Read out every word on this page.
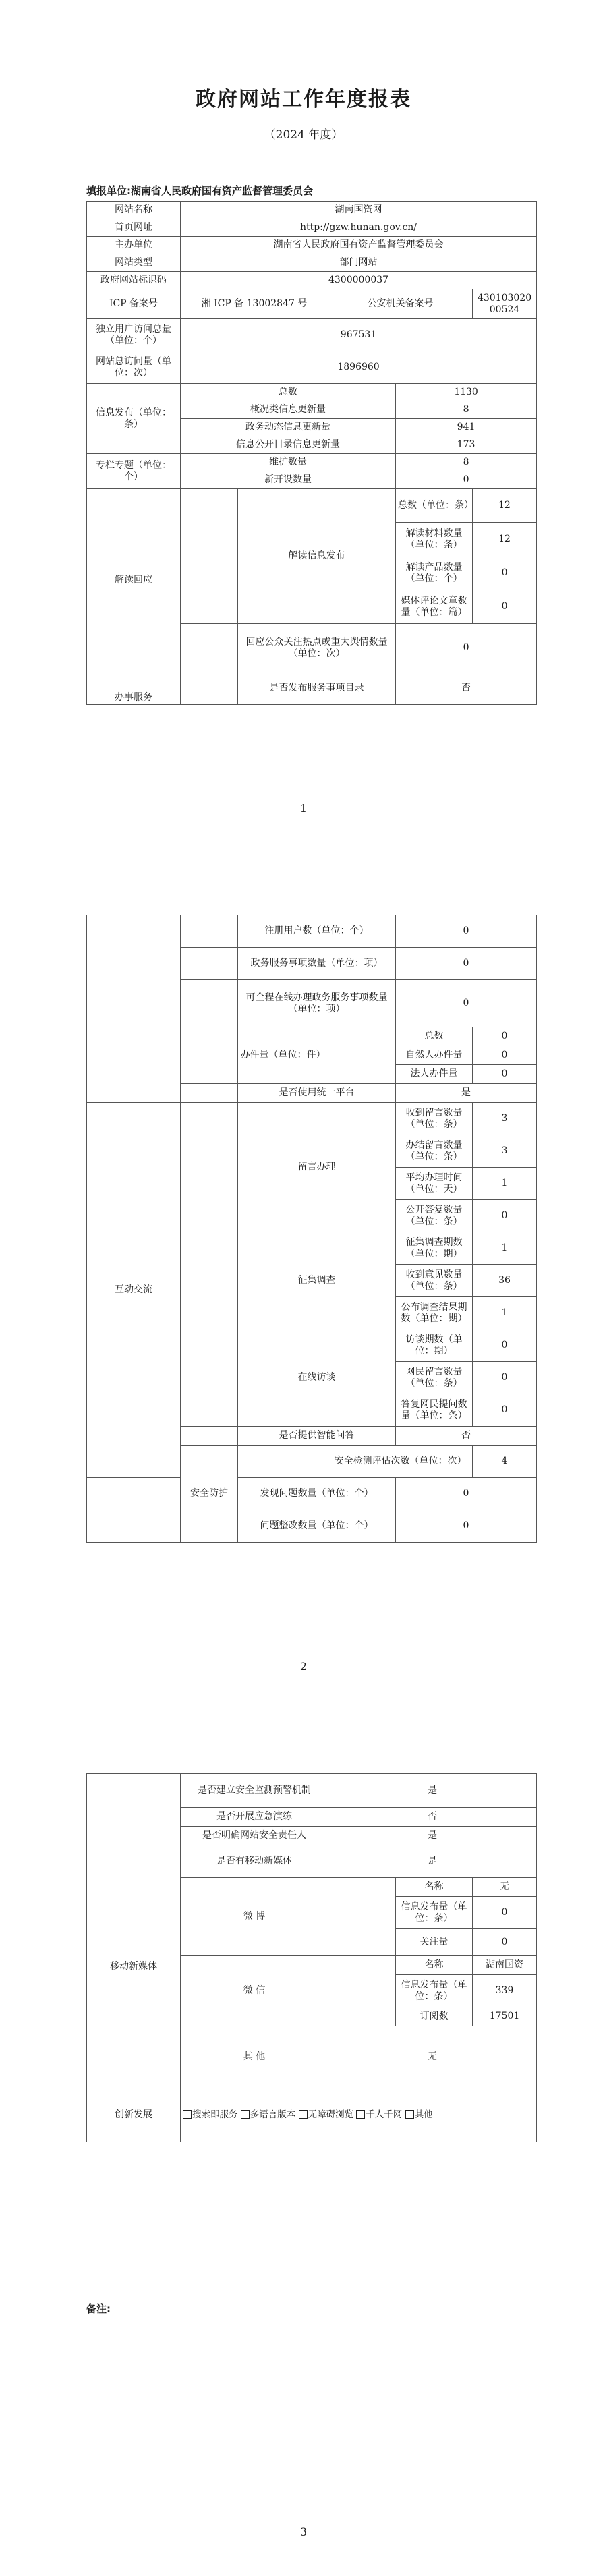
政府网站工作年度报表
（2024 年度）
填报单位:湖南省人民政府国有资产监督管理委员会
网站名称	湖南国资网				
首页网址	http://gzw.hunan.gov.cn/				
主办单位	湖南省人民政府国有资产监督管理委员会				
网站类型	部门网站				
政府网站标识码	4300000037				
ICP 备案号	湘 ICP 备 13002847 号		公安机关备案号		43010302000524
独立用户访问总量（单位：个）	967531				
网站总访问量（单位：次）	1896960				
信息发布（单位：条）	总数			1130	
	概况类信息更新量			8	
	政务动态信息更新量			941	
	信息公开目录信息更新量			173	
专栏专题（单位：个）	维护数量			8	
	新开设数量			0	
解读回应		解读信息发布		总数（单位：条）	12
				解读材料数量（单位：条）	12
				解读产品数量（单位：个）	0
				媒体评论文章数量（单位：篇）	0
		回应公众关注热点或重大舆情数量（单位：次）		0	
办事服务		是否发布服务事项目录		否	
1
		注册用户数（单位：个）		0	
		政务服务事项数量（单位：项）		0	
		可全程在线办理政务服务事项数量（单位：项）		0	
		办件量（单位：件）		总数	0
				自然人办件量	0
				法人办件量	0
		是否使用统一平台		是	
互动交流		留言办理		收到留言数量（单位：条）	3
				办结留言数量（单位：条）	3
				平均办理时间（单位：天）	1
				公开答复数量（单位：条）	0
		征集调查		征集调查期数（单位：期）	1
				收到意见数量（单位：条）	36
				公布调查结果期数（单位：期）	1
		在线访谈		访谈期数（单位：期）	0
				网民留言数量（单位：条）	0
				答复网民提问数量（单位：条）	0
		是否提供智能问答		否	
	安全防护		安全检测评估次数（单位：次）		4
		发现问题数量（单位：个）		0	
		问题整改数量（单位：个）		0	
2
	是否建立安全监测预警机制	是		
	是否开展应急演练	否		
	是否明确网站安全责任人	是		
移动新媒体	是否有移动新媒体	是		
	微 博		名称	无
			信息发布量（单位：条）	0
			关注量	0
	微 信		名称	湖南国资
			信息发布量（单位：条）	339
			订阅数	17501
	其 他	无		
创新发展	搜索即服务 多语言版本 无障碍浏览 千人千网 其他			
备注:
3
